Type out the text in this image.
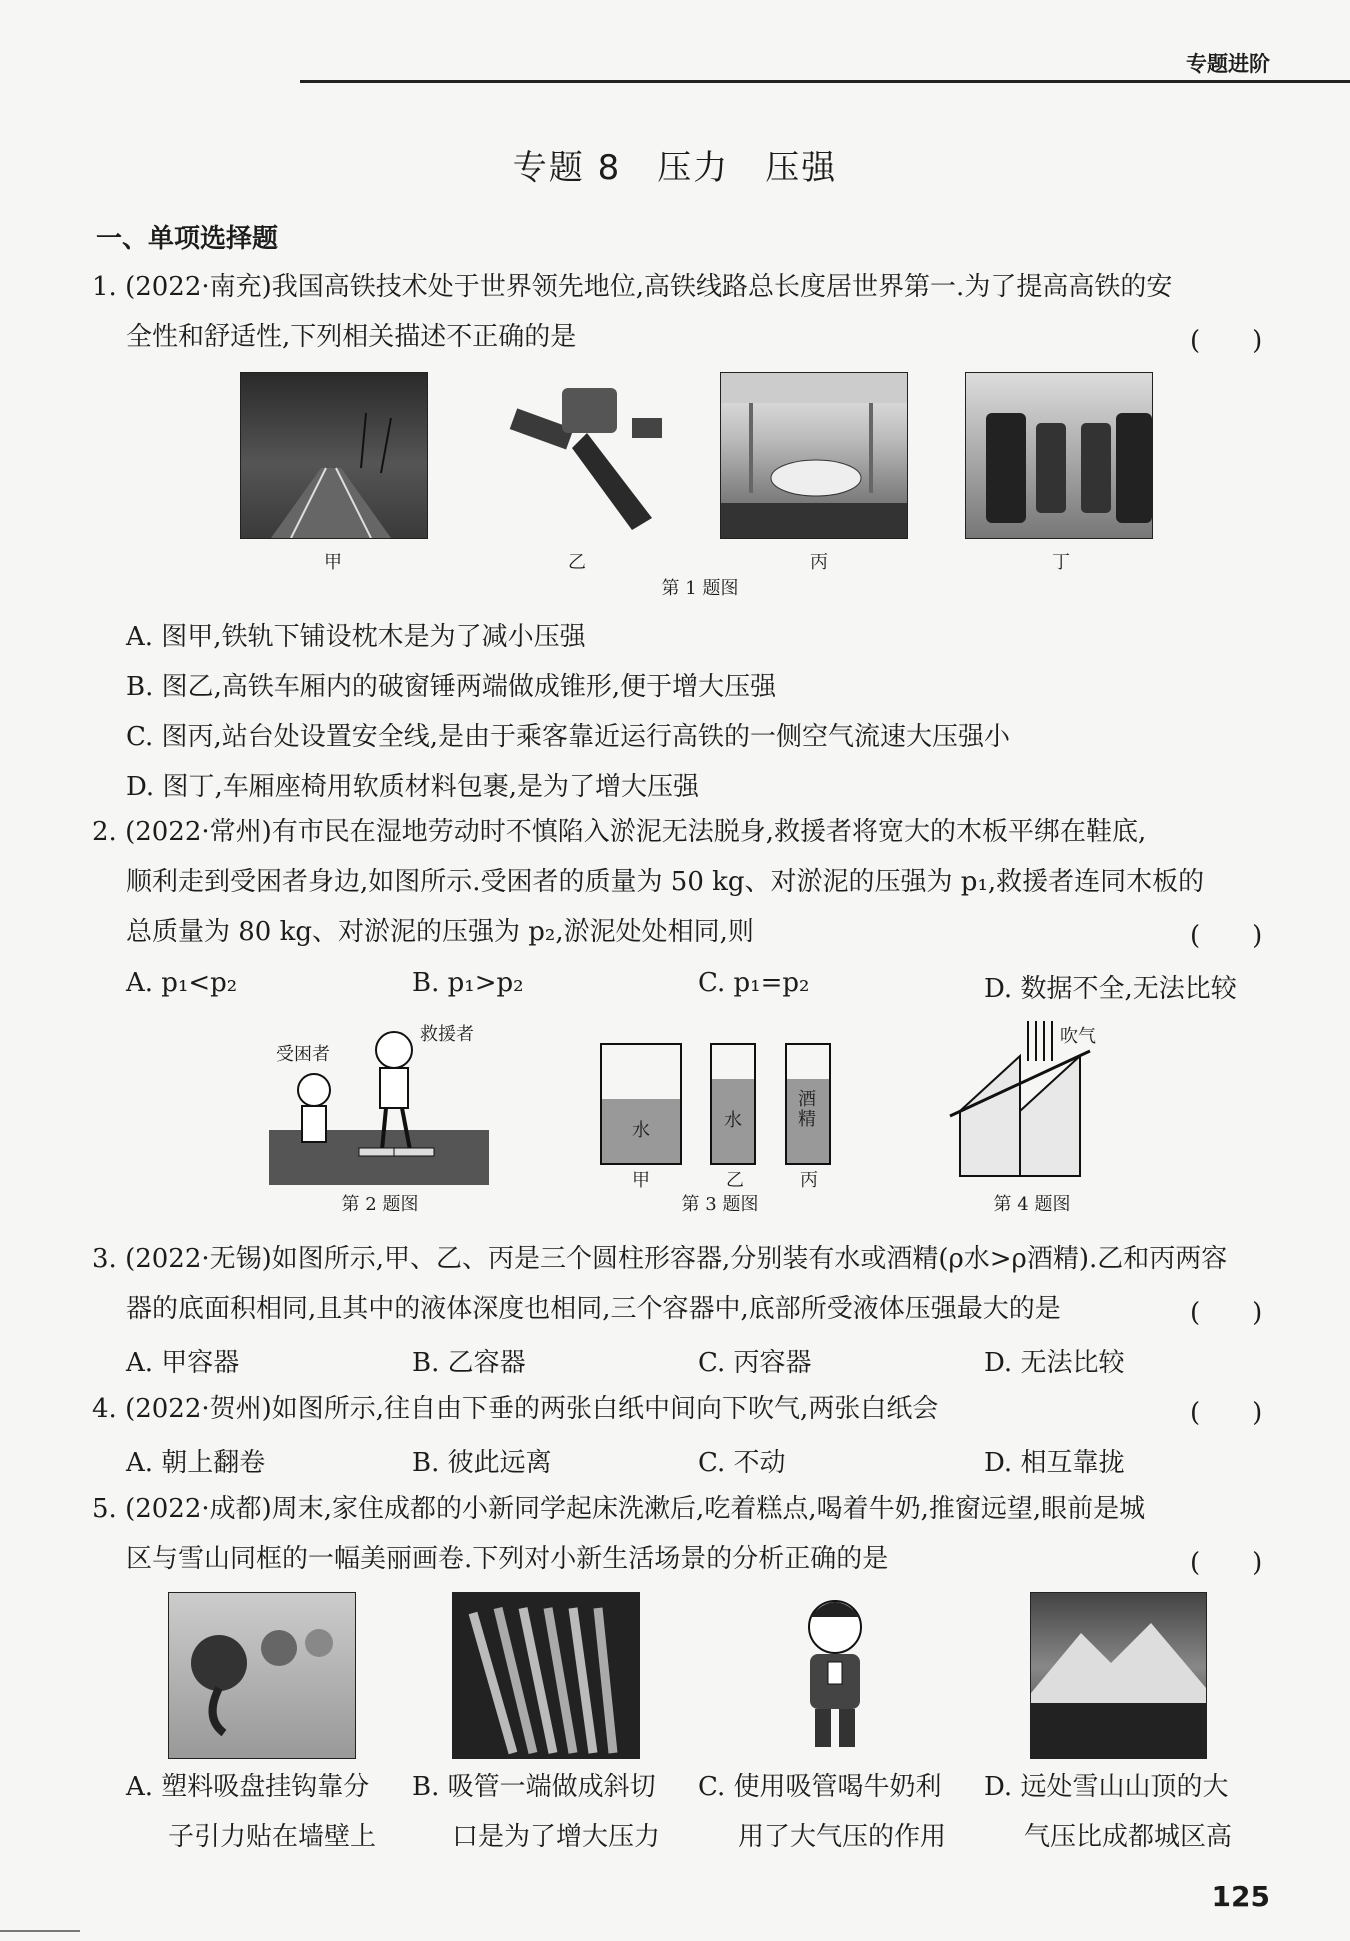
专题进阶
专题 8　压力　压强
一、单项选择题
1. (2022·南充)我国高铁技术处于世界领先地位,高铁线路总长度居世界第一.为了提高高铁的安
全性和舒适性,下列相关描述不正确的是	(　　)
甲	乙	丙	丁
第 1 题图
A. 图甲,铁轨下铺设枕木是为了减小压强
B. 图乙,高铁车厢内的破窗锤两端做成锥形,便于增大压强
C. 图丙,站台处设置安全线,是由于乘客靠近运行高铁的一侧空气流速大压强小
D. 图丁,车厢座椅用软质材料包裹,是为了增大压强
2. (2022·常州)有市民在湿地劳动时不慎陷入淤泥无法脱身,救援者将宽大的木板平绑在鞋底,
顺利走到受困者身边,如图所示.受困者的质量为 50 kg、对淤泥的压强为 p₁,救援者连同木板的
总质量为 80 kg、对淤泥的压强为 p₂,淤泥处处相同,则	(　　)
A. p₁<p₂	B. p₁>p₂	C. p₁=p₂	D. 数据不全,无法比较
受困者
救援者
第 2 题图
水	水
酒精
甲	乙	丙
第 3 题图
吹气
第 4 题图
3. (2022·无锡)如图所示,甲、乙、丙是三个圆柱形容器,分别装有水或酒精(ρ水>ρ酒精).乙和丙两容
器的底面积相同,且其中的液体深度也相同,三个容器中,底部所受液体压强最大的是	(　　)
A. 甲容器	B. 乙容器	C. 丙容器	D. 无法比较
4. (2022·贺州)如图所示,往自由下垂的两张白纸中间向下吹气,两张白纸会	(　　)
A. 朝上翻卷	B. 彼此远离	C. 不动	D. 相互靠拢
5. (2022·成都)周末,家住成都的小新同学起床洗漱后,吃着糕点,喝着牛奶,推窗远望,眼前是城
区与雪山同框的一幅美丽画卷.下列对小新生活场景的分析正确的是	(　　)
A. 塑料吸盘挂钩靠分
子引力贴在墙壁上
B. 吸管一端做成斜切
口是为了增大压力
C. 使用吸管喝牛奶利
用了大气压的作用
D. 远处雪山山顶的大
气压比成都城区高
125
